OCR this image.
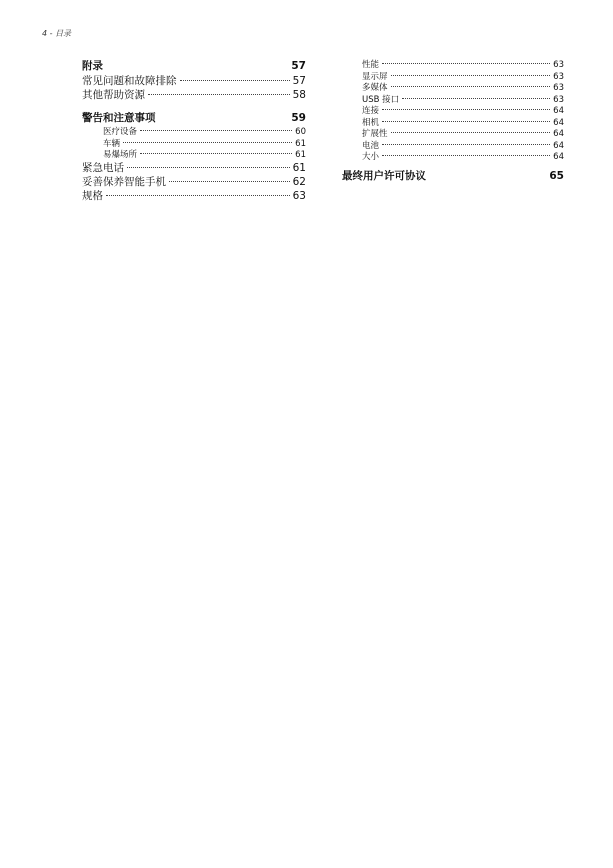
4 - 目录
附录	57
常见问题和故障排除	57
其他帮助资源	58
警告和注意事项	59
医疗设备	60
车辆	61
易爆场所	61
紧急电话	61
妥善保养智能手机	62
规格	63
性能	63
显示屏	63
多媒体	63
USB 接口	63
连接	64
相机	64
扩展性	64
电池	64
大小	64
最终用户许可协议	65
